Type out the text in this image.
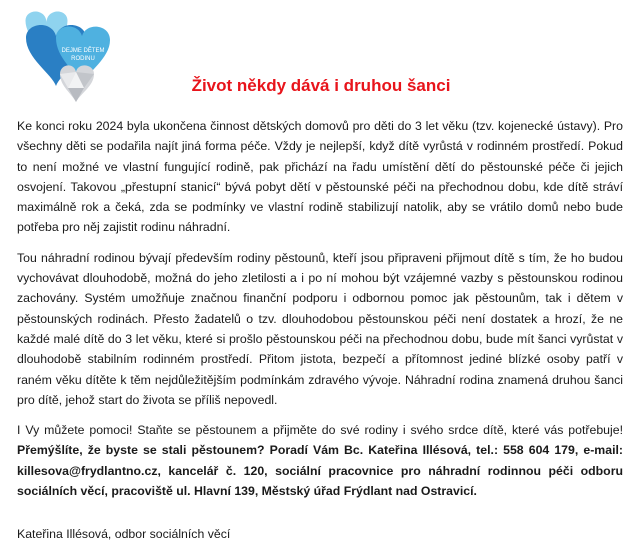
DEJME DĚTEM
RODINU
Život někdy dává i druhou šanci

Ke konci roku 2024 byla ukončena činnost dětských domovů pro děti do 3 let věku (tzv. kojenecké ústavy). Pro všechny děti se podařila najít jiná forma péče. Vždy je nejlepší, když dítě vyrůstá v rodinném prostředí. Pokud to není možné ve vlastní fungující rodině, pak přichází na řadu umístění dětí do pěstounské péče či jejich osvojení. Takovou „přestupní stanicí“ bývá pobyt dětí v pěstounské péči na přechodnou dobu, kde dítě stráví maximálně rok a čeká, zda se podmínky ve vlastní rodině stabilizují natolik, aby se vrátilo domů nebo bude potřeba pro něj zajistit rodinu náhradní.

Tou náhradní rodinou bývají především rodiny pěstounů, kteří jsou připraveni přijmout dítě s tím, že ho budou vychovávat dlouhodobě, možná do jeho zletilosti a i po ní mohou být vzájemné vazby s pěstounskou rodinou zachovány. Systém umožňuje značnou finanční podporu i odbornou pomoc jak pěstounům, tak i dětem v pěstounských rodinách. Přesto žadatelů o tzv. dlouhodobou pěstounskou péči není dostatek a hrozí, že ne každé malé dítě do 3 let věku, které si prošlo pěstounskou péči na přechodnou dobu, bude mít šanci vyrůstat v dlouhodobě stabilním rodinném prostředí. Přitom jistota, bezpečí a přítomnost jediné blízké osoby patří v raném věku dítěte k těm nejdůležitějším podmínkám zdravého vývoje. Náhradní rodina znamená druhou šanci pro dítě, jehož start do života se příliš nepovedl.

I Vy můžete pomoci! Staňte se pěstounem a přijměte do své rodiny i svého srdce dítě, které vás potřebuje! Přemýšlíte, že byste se stali pěstounem? Poradí Vám Bc. Kateřina Illésová, tel.: 558 604 179, e-mail: killesova@frydlantno.cz, kancelář č. 120, sociální pracovnice pro náhradní rodinnou péči odboru sociálních věcí, pracoviště ul. Hlavní 139, Městský úřad Frýdlant nad Ostravicí.

Kateřina Illésová, odbor sociálních věcí
